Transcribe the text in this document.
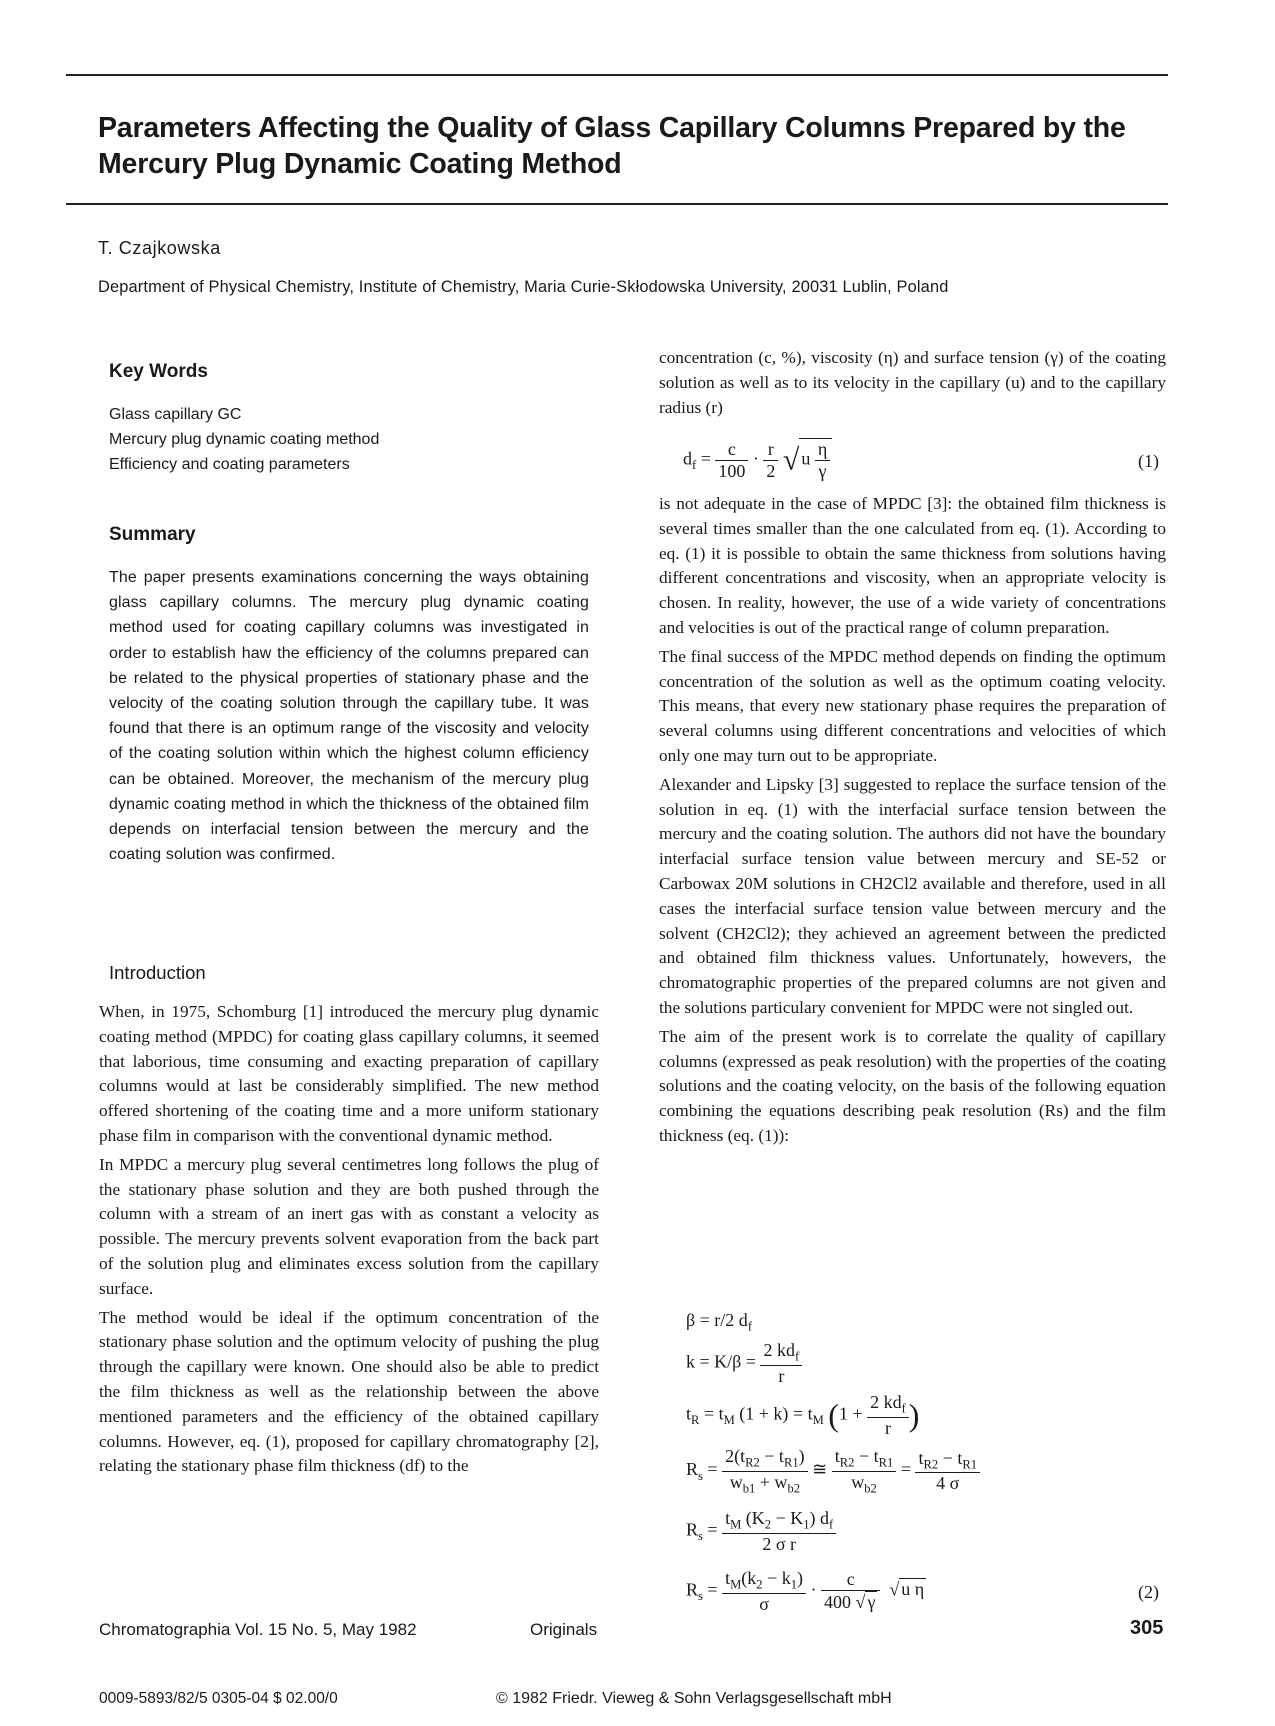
Parameters Affecting the Quality of Glass Capillary Columns Prepared by the Mercury Plug Dynamic Coating Method
T. Czajkowska
Department of Physical Chemistry, Institute of Chemistry, Maria Curie-Skłodowska University, 20031 Lublin, Poland
Key Words
Glass capillary GC
Mercury plug dynamic coating method
Efficiency and coating parameters
Summary
The paper presents examinations concerning the ways obtaining glass capillary columns. The mercury plug dynamic coating method used for coating capillary columns was investigated in order to establish haw the efficiency of the columns prepared can be related to the physical properties of stationary phase and the velocity of the coating solution through the capillary tube. It was found that there is an optimum range of the viscosity and velocity of the coating solution within which the highest column efficiency can be obtained. Moreover, the mechanism of the mercury plug dynamic coating method in which the thickness of the obtained film depends on interfacial tension between the mercury and the coating solution was confirmed.
Introduction

When, in 1975, Schomburg [1] introduced the mercury plug dynamic coating method (MPDC) for coating glass capillary columns, it seemed that laborious, time consuming and exacting preparation of capillary columns would at last be considerably simplified. The new method offered shortening of the coating time and a more uniform stationary phase film in comparison with the conventional dynamic method.

In MPDC a mercury plug several centimetres long follows the plug of the stationary phase solution and they are both pushed through the column with a stream of an inert gas with as constant a velocity as possible. The mercury prevents solvent evaporation from the back part of the solution plug and eliminates excess solution from the capillary surface.

The method would be ideal if the optimum concentration of the stationary phase solution and the optimum velocity of pushing the plug through the capillary were known. One should also be able to predict the film thickness as well as the relationship between the above mentioned parameters and the efficiency of the obtained capillary columns. However, eq. (1), proposed for capillary chromatography [2], relating the stationary phase film thickness (df) to the

concentration (c, %), viscosity (η) and surface tension (γ) of the coating solution as well as to its velocity in the capillary (u) and to the capillary radius (r)
$d_f = \frac{c}{100} \cdot \frac{r}{2}$ √ u $\frac{\eta}{\gamma}$	(1)

is not adequate in the case of MPDC [3]: the obtained film thickness is several times smaller than the one calculated from eq. (1). According to eq. (1) it is possible to obtain the same thickness from solutions having different concentrations and viscosity, when an appropriate velocity is chosen. In reality, however, the use of a wide variety of concentrations and velocities is out of the practical range of column preparation.

The final success of the MPDC method depends on finding the optimum concentration of the solution as well as the optimum coating velocity. This means, that every new stationary phase requires the preparation of several columns using different concentrations and velocities of which only one may turn out to be appropriate.

Alexander and Lipsky [3] suggested to replace the surface tension of the solution in eq. (1) with the interfacial surface tension between the mercury and the coating solution. The authors did not have the boundary interfacial surface tension value between mercury and SE-52 or Carbowax 20M solutions in CH2Cl2 available and therefore, used in all cases the interfacial surface tension value between mercury and the solvent (CH2Cl2); they achieved an agreement between the predicted and obtained film thickness values. Unfortunately, howevers, the chromatographic properties of the prepared columns are not given and the solutions particulary convenient for MPDC were not singled out.

The aim of the present work is to correlate the quality of capillary columns (expressed as peak resolution) with the properties of the coating solutions and the coating velocity, on the basis of the following equation combining the equations describing peak resolution (Rs) and the film thickness (eq. (1)):

β = r/2 $d_f$
$k = K/\beta = \frac{2 kd_f}{r}$
$t_R = t_M$ $(1 + k) = t_M$ ($1 + \frac{2 kd_f}{r}$ )
$R_s = \frac{2(t_{R2} - t_{R1})}{w_{b1} + w_{b2}}$ ≅ $\frac{t_{R2} - t_{R1}}{w_{b2}} = \frac{t_{R2} - t_{R1}}{4 \sigma}$
$R_s = \frac{t_M (K_2 - K_1) d_f}{\text{2 σ r}}$
$R_s = \frac{t_M(k_2 - k_1)}{\sigma} \cdot \frac{c}{400 √ \gamma}$ √ u η	(2)
Chromatographia Vol. 15 No. 5, May 1982	Originals	305
0009-5893/82/5 0305-04 $ 02.00/0	© 1982 Friedr. Vieweg & Sohn Verlagsgesellschaft mbH
